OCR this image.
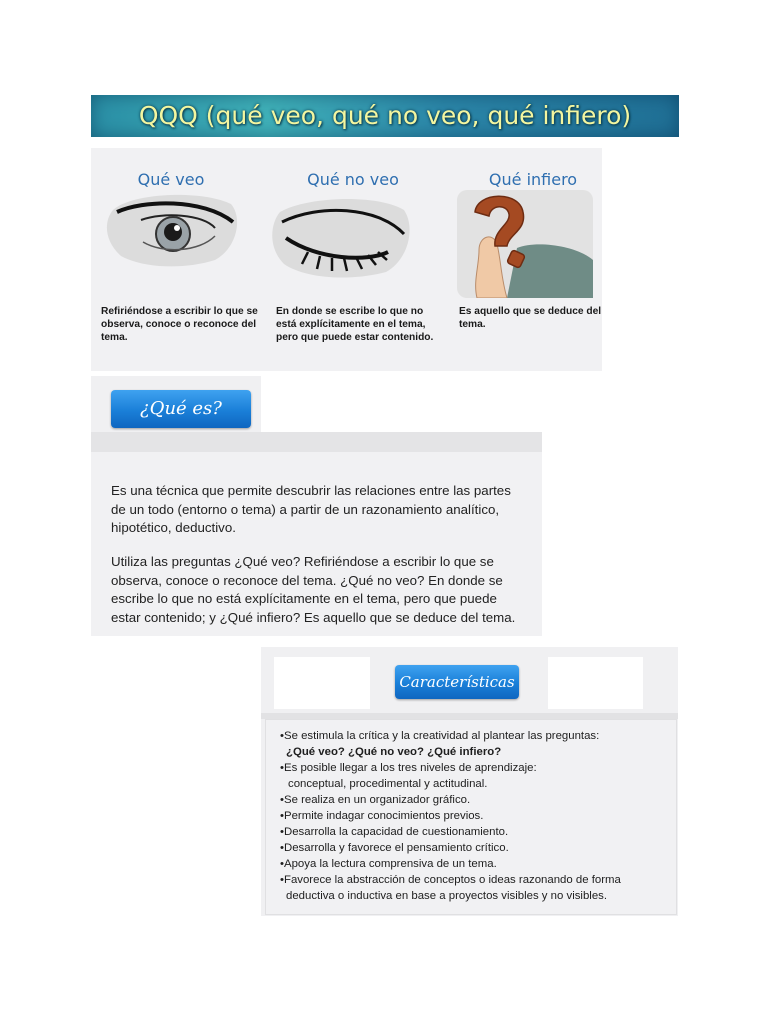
QQQ (qué veo, qué no veo, qué infiero)
Qué veo
Refiriéndose a escribir lo que se observa, conoce o reconoce del tema.
Qué no veo
En donde se escribe lo que no está explícitamente en el tema, pero que puede estar contenido.
Qué infiero
Es aquello que se deduce del tema.
¿Qué es?
Es una técnica que permite descubrir las relaciones entre las partes de un todo (entorno o tema) a partir de un razonamiento analítico, hipotético, deductivo.
Utiliza las preguntas ¿Qué veo? Refiriéndose a escribir lo que se observa, conoce o reconoce del tema. ¿Qué no veo? En donde se escribe lo que no está explícitamente en el tema, pero que puede estar contenido; y ¿Qué infiero? Es aquello que se deduce del tema.
Características
•Se estimula la crítica y la creatividad al plantear las preguntas:
¿Qué veo? ¿Qué no veo? ¿Qué infiero?
•Es posible llegar a los tres niveles de aprendizaje:
conceptual, procedimental y actitudinal.
•Se realiza en un organizador gráfico.
•Permite indagar conocimientos previos.
•Desarrolla la capacidad de cuestionamiento.
•Desarrolla y favorece el pensamiento crítico.
•Apoya la lectura comprensiva de un tema.
•Favorece la abstracción de conceptos o ideas razonando de forma
deductiva o inductiva en base a proyectos visibles y no visibles.
